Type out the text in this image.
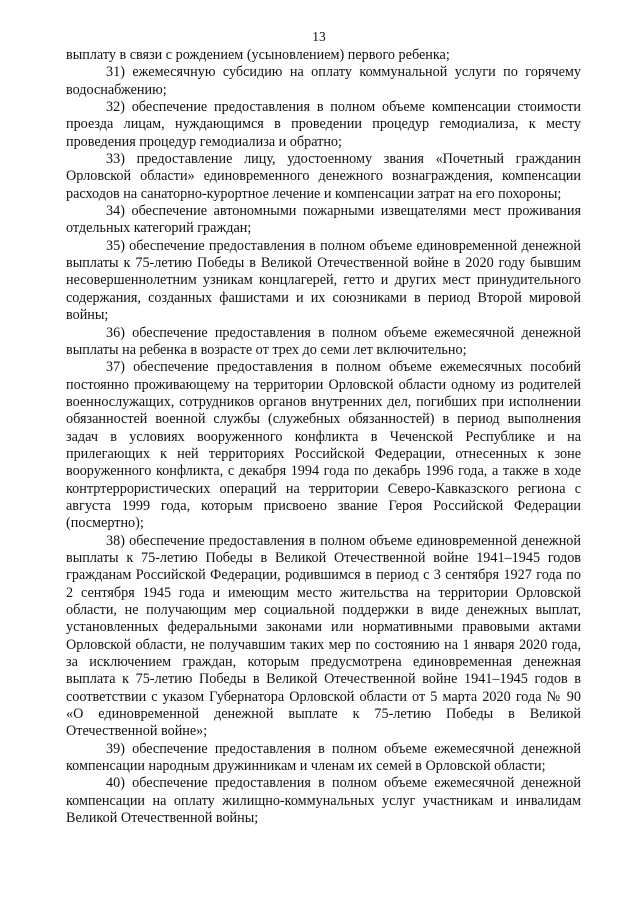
13

выплату в связи с рождением (усыновлением) первого ребенка;

31) ежемесячную субсидию на оплату коммунальной услуги по горячему водоснабжению;

32) обеспечение предоставления в полном объеме компенсации стоимости проезда лицам, нуждающимся в проведении процедур гемодиализа, к месту проведения процедур гемодиализа и обратно;

33) предоставление лицу, удостоенному звания «Почетный гражданин Орловской области» единовременного денежного вознаграждения, компенсации расходов на санаторно-курортное лечение и компенсации затрат на его похороны;

34) обеспечение автономными пожарными извещателями мест проживания отдельных категорий граждан;

35) обеспечение предоставления в полном объеме единовременной денежной выплаты к 75-летию Победы в Великой Отечественной войне в 2020 году бывшим несовершеннолетним узникам концлагерей, гетто и других мест принудительного содержания, созданных фашистами и их союзниками в период Второй мировой войны;

36) обеспечение предоставления в полном объеме ежемесячной денежной выплаты на ребенка в возрасте от трех до семи лет включительно;

37) обеспечение предоставления в полном объеме ежемесячных пособий постоянно проживающему на территории Орловской области одному из родителей военнослужащих, сотрудников органов внутренних дел, погибших при исполнении обязанностей военной службы (служебных обязанностей) в период выполнения задач в условиях вооруженного конфликта в Чеченской Республике и на прилегающих к ней территориях Российской Федерации, отнесенных к зоне вооруженного конфликта, с декабря 1994 года по декабрь 1996 года, а также в ходе контртеррористических операций на территории Северо-Кавказского региона с августа 1999 года, которым присвоено звание Героя Российской Федерации (посмертно);

38) обеспечение предоставления в полном объеме единовременной денежной выплаты к 75-летию Победы в Великой Отечественной войне 1941–1945 годов гражданам Российской Федерации, родившимся в период с 3 сентября 1927 года по 2 сентября 1945 года и имеющим место жительства на территории Орловской области, не получающим мер социальной поддержки в виде денежных выплат, установленных федеральными законами или нормативными правовыми актами Орловской области, не получавшим таких мер по состоянию на 1 января 2020 года, за исключением граждан, которым предусмотрена единовременная денежная выплата к 75-летию Победы в Великой Отечественной войне 1941–1945 годов в соответствии с указом Губернатора Орловской области от 5 марта 2020 года № 90 «О единовременной денежной выплате к 75-летию Победы в Великой Отечественной войне»;

39) обеспечение предоставления в полном объеме ежемесячной денежной компенсации народным дружинникам и членам их семей в Орловской области;

40) обеспечение предоставления в полном объеме ежемесячной денежной компенсации на оплату жилищно-коммунальных услуг участникам и инвалидам Великой Отечественной войны;
